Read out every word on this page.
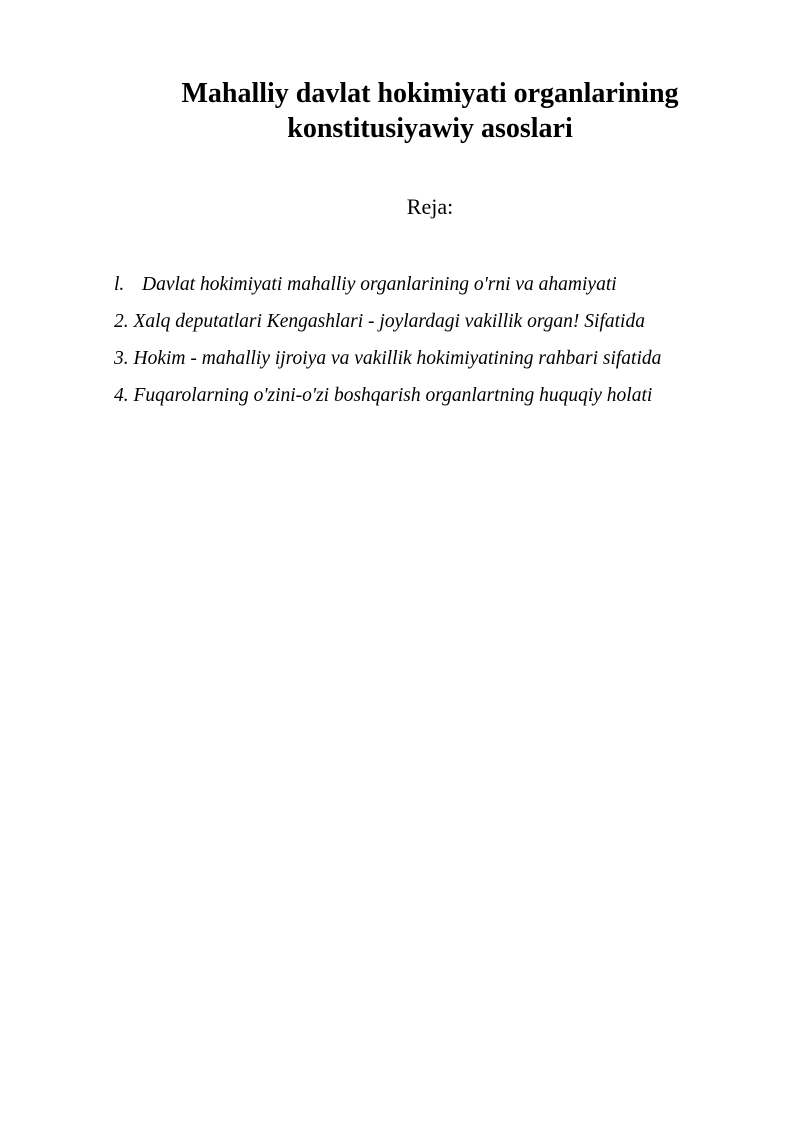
Mahalliy davlat hokimiyati organlarining
konstitusiyawiy asoslari
Reja:
l. Davlat hokimiyati mahalliy organlarining o'rni va ahamiyati
2. Xalq deputatlari Kengashlari - joylardagi vakillik organ! Sifatida
3. Hokim - mahalliy ijroiya va vakillik hokimiyatining rahbari sifatida
4. Fuqarolarning o'zini-o'zi boshqarish organlartning huquqiy holati
